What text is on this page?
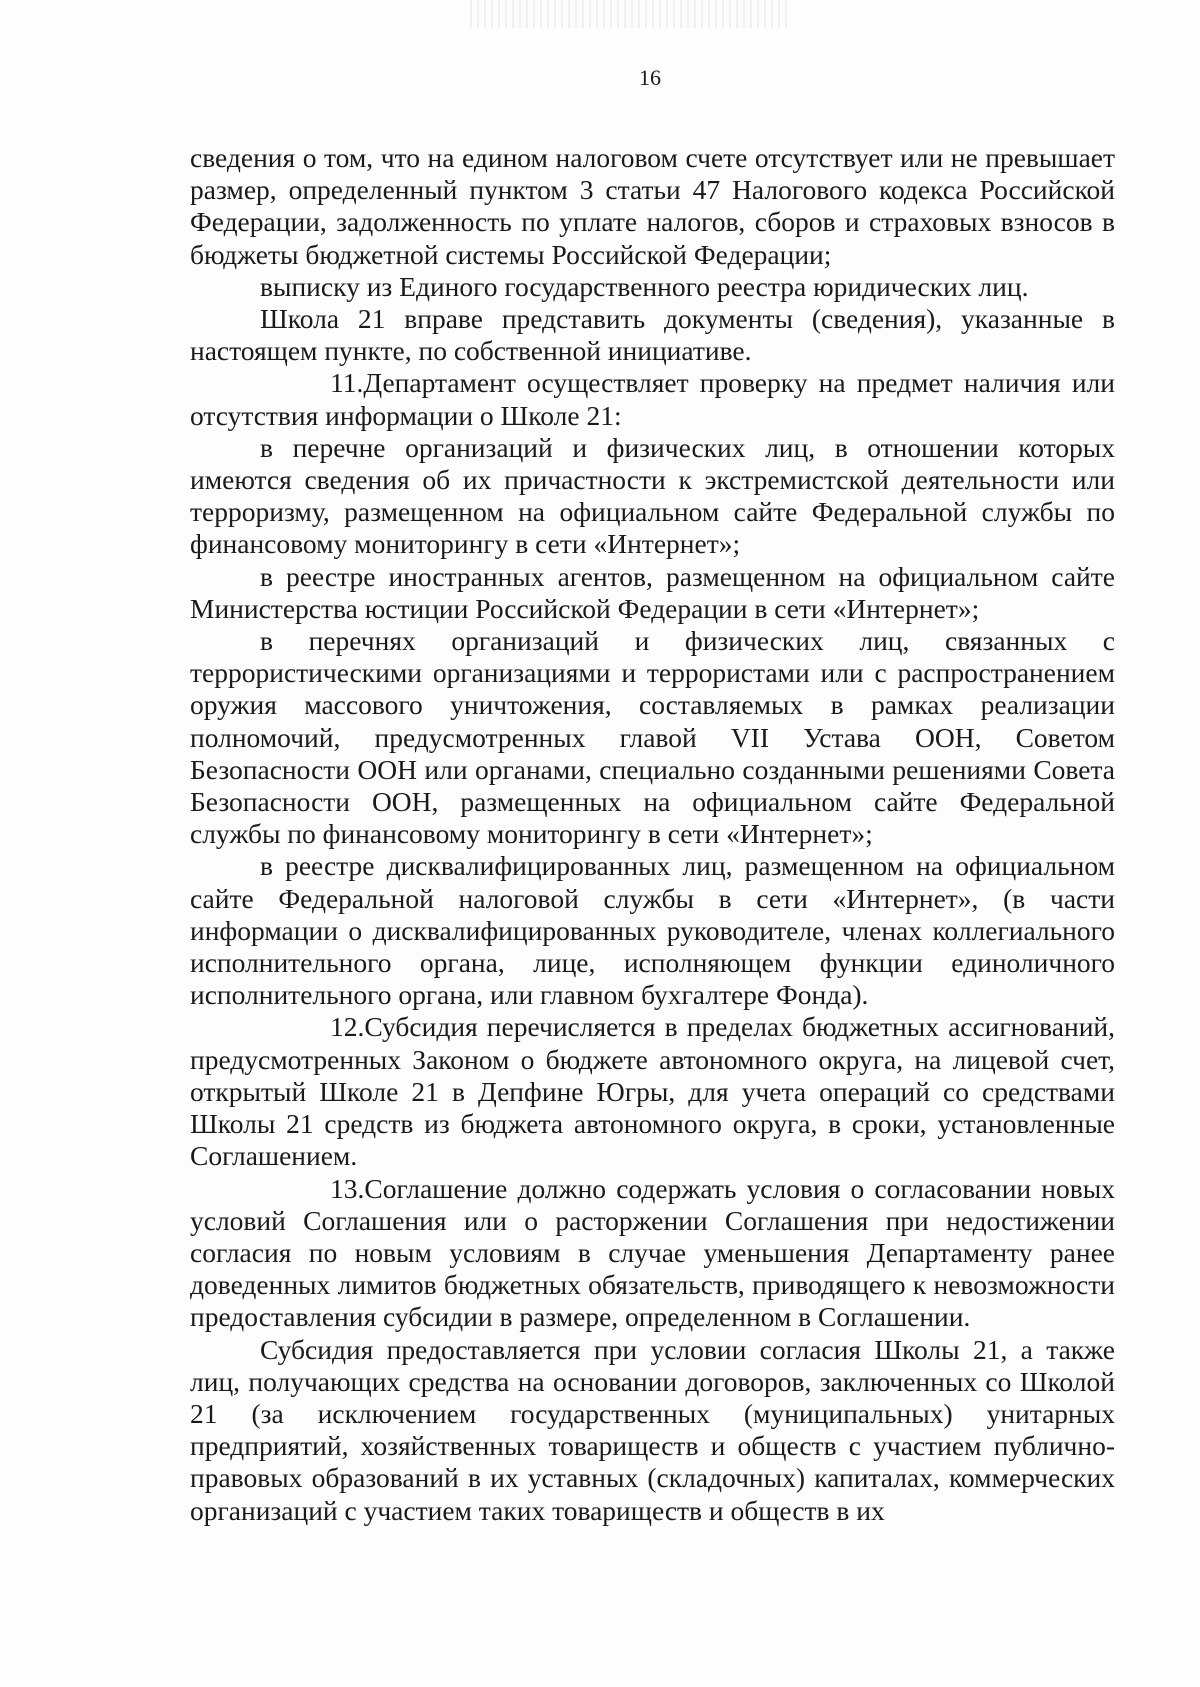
16

сведения о том, что на едином налоговом счете отсутствует или не превышает размер, определенный пунктом 3 статьи 47 Налогового кодекса Российской Федерации, задолженность по уплате налогов, сборов и страховых взносов в бюджеты бюджетной системы Российской Федерации;

выписку из Единого государственного реестра юридических лиц.

Школа 21 вправе представить документы (сведения), указанные в настоящем пункте, по собственной инициативе.

11.Департамент осуществляет проверку на предмет наличия или отсутствия информации о Школе 21:

в перечне организаций и физических лиц, в отношении которых имеются сведения об их причастности к экстремистской деятельности или терроризму, размещенном на официальном сайте Федеральной службы по финансовому мониторингу в сети «Интернет»;

в реестре иностранных агентов, размещенном на официальном сайте Министерства юстиции Российской Федерации в сети «Интернет»;

в перечнях организаций и физических лиц, связанных с террористическими организациями и террористами или с распространением оружия массового уничтожения, составляемых в рамках реализации полномочий, предусмотренных главой VII Устава ООН, Советом Безопасности ООН или органами, специально созданными решениями Совета Безопасности ООН, размещенных на официальном сайте Федеральной службы по финансовому мониторингу в сети «Интернет»;

в реестре дисквалифицированных лиц, размещенном на официальном сайте Федеральной налоговой службы в сети «Интернет», (в части информации о дисквалифицированных руководителе, членах коллегиального исполнительного органа, лице, исполняющем функции единоличного исполнительного органа, или главном бухгалтере Фонда).

12.Субсидия перечисляется в пределах бюджетных ассигнований, предусмотренных Законом о бюджете автономного округа, на лицевой счет, открытый Школе 21 в Депфине Югры, для учета операций со средствами Школы 21 средств из бюджета автономного округа, в сроки, установленные Соглашением.

13.Соглашение должно содержать условия о согласовании новых условий Соглашения или о расторжении Соглашения при недостижении согласия по новым условиям в случае уменьшения Департаменту ранее доведенных лимитов бюджетных обязательств, приводящего к невозможности предоставления субсидии в размере, определенном в Соглашении.

Субсидия предоставляется при условии согласия Школы 21, а также лиц, получающих средства на основании договоров, заключенных со Школой 21 (за исключением государственных (муниципальных) унитарных предприятий, хозяйственных товариществ и обществ с участием публично-правовых образований в их уставных (складочных) капиталах, коммерческих организаций с участием таких товариществ и обществ в их
